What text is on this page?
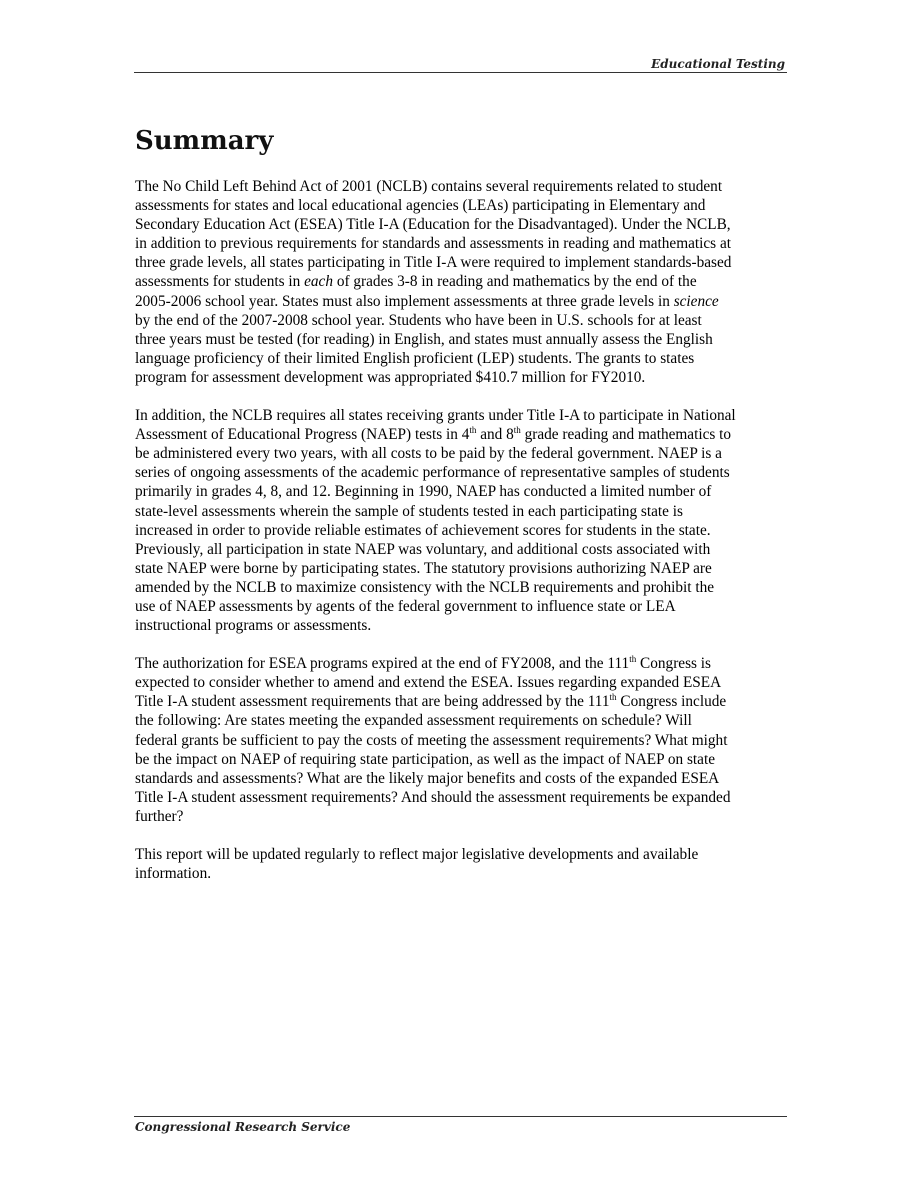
Educational Testing
Summary

The No Child Left Behind Act of 2001 (NCLB) contains several requirements related to student
assessments for states and local educational agencies (LEAs) participating in Elementary and
Secondary Education Act (ESEA) Title I-A (Education for the Disadvantaged). Under the NCLB,
in addition to previous requirements for standards and assessments in reading and mathematics at
three grade levels, all states participating in Title I-A were required to implement standards-based
assessments for students in each of grades 3-8 in reading and mathematics by the end of the
2005-2006 school year. States must also implement assessments at three grade levels in science
by the end of the 2007-2008 school year. Students who have been in U.S. schools for at least
three years must be tested (for reading) in English, and states must annually assess the English
language proficiency of their limited English proficient (LEP) students. The grants to states
program for assessment development was appropriated $410.7 million for FY2010.

In addition, the NCLB requires all states receiving grants under Title I-A to participate in National
Assessment of Educational Progress (NAEP) tests in 4th and 8th grade reading and mathematics to
be administered every two years, with all costs to be paid by the federal government. NAEP is a
series of ongoing assessments of the academic performance of representative samples of students
primarily in grades 4, 8, and 12. Beginning in 1990, NAEP has conducted a limited number of
state-level assessments wherein the sample of students tested in each participating state is
increased in order to provide reliable estimates of achievement scores for students in the state.
Previously, all participation in state NAEP was voluntary, and additional costs associated with
state NAEP were borne by participating states. The statutory provisions authorizing NAEP are
amended by the NCLB to maximize consistency with the NCLB requirements and prohibit the
use of NAEP assessments by agents of the federal government to influence state or LEA
instructional programs or assessments.

The authorization for ESEA programs expired at the end of FY2008, and the 111th Congress is
expected to consider whether to amend and extend the ESEA. Issues regarding expanded ESEA
Title I-A student assessment requirements that are being addressed by the 111th Congress include
the following: Are states meeting the expanded assessment requirements on schedule? Will
federal grants be sufficient to pay the costs of meeting the assessment requirements? What might
be the impact on NAEP of requiring state participation, as well as the impact of NAEP on state
standards and assessments? What are the likely major benefits and costs of the expanded ESEA
Title I-A student assessment requirements? And should the assessment requirements be expanded
further?

This report will be updated regularly to reflect major legislative developments and available
information.

Congressional Research Service
